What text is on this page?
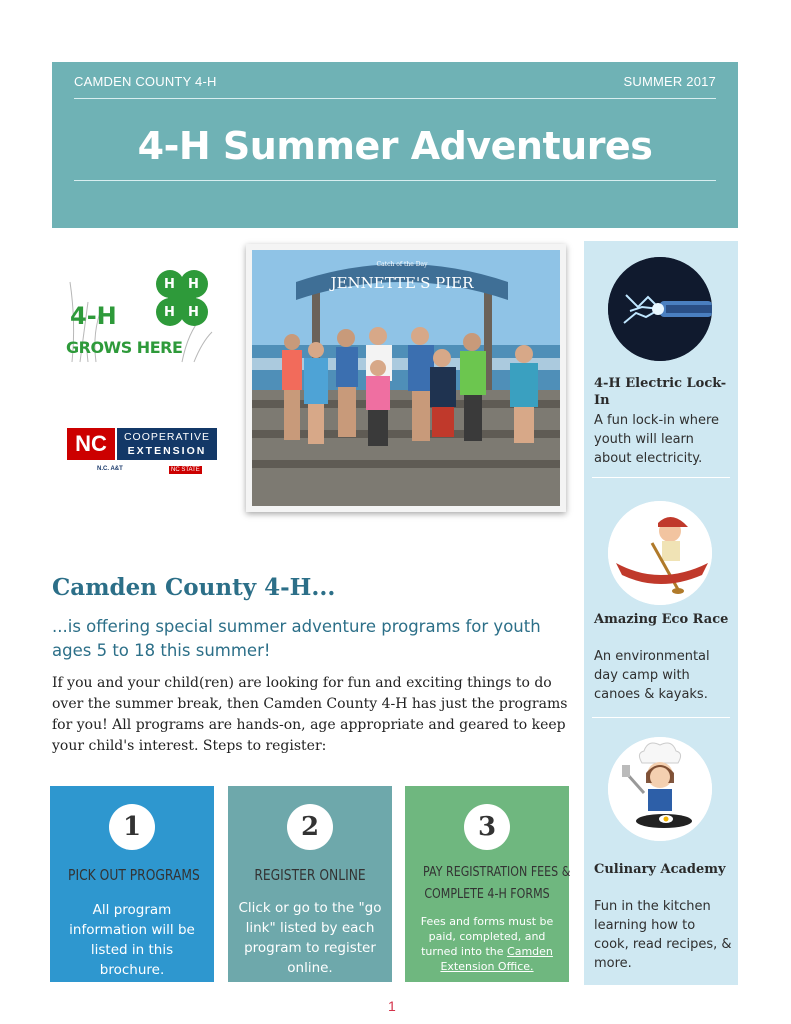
CAMDEN COUNTY 4-H	SUMMER 2017
4-H Summer Adventures
H H
H H
4-H
GROWS HERE
NC	COOPERATIVE
EXTENSION
N.C. A&T	NC STATE
Catch of the Day
JENNETTE'S PIER
4-H Electric Lock-In
A fun lock-in where youth will learn about electricity.
Amazing Eco Race
An environmental day camp with canoes & kayaks.
Culinary Academy
Fun in the kitchen learning how to cook, read recipes, & more.
Camden County 4-H...
...is offering special summer adventure programs for youth ages 5 to 18 this summer!
If you and your child(ren) are looking for fun and exciting things to do over the summer break, then Camden County 4-H has just the programs for you! All programs are hands-on, age appropriate and geared to keep your child's interest. Steps to register:
1
PICK OUT PROGRAMS
All program information will be listed in this brochure.
2
REGISTER ONLINE
Click or go to the "go link" listed by each program to register online.
3
PAY REGISTRATION FEES &
COMPLETE 4-H FORMS
Fees and forms must be paid, completed, and turned into the Camden Extension Office.
1
